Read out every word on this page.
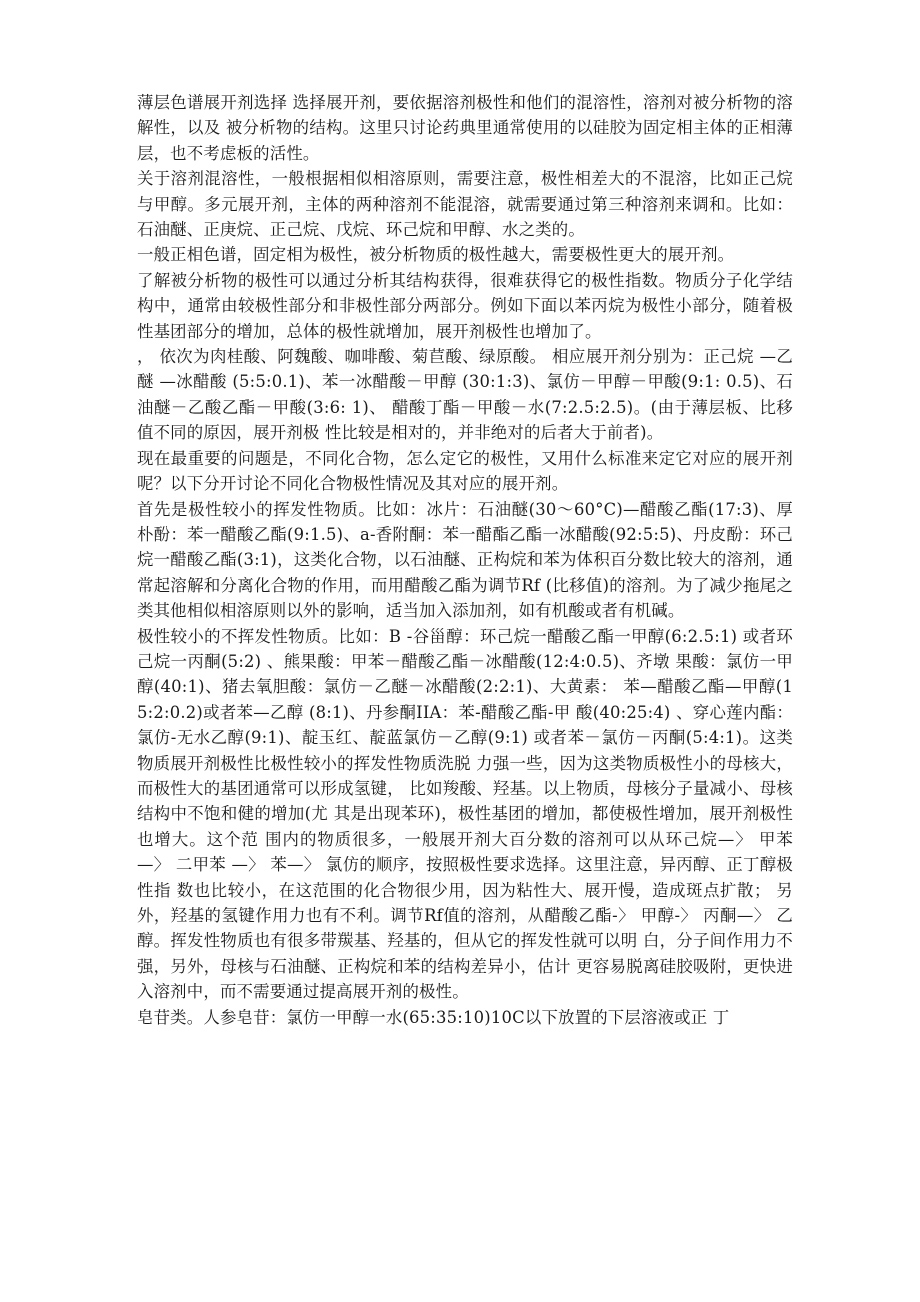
薄层色谱展开剂选择 选择展开剂，要依据溶剂极性和他们的混溶性，溶剂对被分析物的溶解性，以及 被分析物的结构。这里只讨论药典里通常使用的以硅胶为固定相主体的正相薄 层，也不考虑板的活性。

关于溶剂混溶性，一般根据相似相溶原则，需要注意，极性相差大的不混溶，比如正己烷与甲醇。多元展开剂，主体的两种溶剂不能混溶，就需要通过第三种溶剂来调和。比如：石油醚、正庚烷、正己烷、戊烷、环己烷和甲醇、水之类的。

一般正相色谱，固定相为极性，被分析物质的极性越大，需要极性更大的展开剂。

了解被分析物的极性可以通过分析其结构获得，很难获得它的极性指数。物质分子化学结构中，通常由较极性部分和非极性部分两部分。例如下面以苯丙烷为极性小部分，随着极性基团部分的增加，总体的极性就增加，展开剂极性也增加了。

， 依次为肉桂酸、阿魏酸、咖啡酸、菊苣酸、绿原酸。 相应展开剂分别为：正己烷 —乙醚 —冰醋酸 (5:5:0.1)、苯一冰醋酸－甲醇 (30:1:3)、氯仿－甲醇－甲酸(9:1: 0.5)、石油醚－乙酸乙酯－甲酸(3:6: 1)、 醋酸丁酯－甲酸－水(7:2.5:2.5)。(由于薄层板、比移值不同的原因，展开剂极 性比较是相对的，并非绝对的后者大于前者)。

现在最重要的问题是，不同化合物，怎么定它的极性，又用什么标准来定它对应的展开剂呢？以下分开讨论不同化合物极性情况及其对应的展开剂。

首先是极性较小的挥发性物质。比如：冰片：石油醚(30～60°C)—醋酸乙酯(17:3)、厚朴酚：苯一醋酸乙酯(9:1.5)、a-香附酮：苯一醋酯乙酯一冰醋酸(92:5:5)、丹皮酚：环己烷一醋酸乙酯(3:1)，这类化合物，以石油醚、正构烷和苯为体积百分数比较大的溶剂，通常起溶解和分离化合物的作用，而用醋酸乙酯为调节Rf (比移值)的溶剂。为了减少拖尾之类其他相似相溶原则以外的影响，适当加入添加剂，如有机酸或者有机碱。

极性较小的不挥发性物质。比如：B -谷甾醇：环己烷一醋酸乙酯一甲醇(6:2.5:1) 或者环己烷一丙酮(5:2) 、熊果酸：甲苯－醋酸乙酯－冰醋酸(12:4:0.5)、齐墩 果酸：氯仿一甲醇(40:1)、猪去氧胆酸：氯仿－乙醚－冰醋酸(2:2:1)、大黄素： 苯—醋酸乙酯—甲醇(15:2:0.2)或者苯—乙醇 (8:1)、丹参酮IIA：苯-醋酸乙酯-甲 酸(40:25:4) 、穿心莲内酯：氯仿-无水乙醇(9:1)、靛玉红、靛蓝氯仿－乙醇(9:1) 或者苯－氯仿－丙酮(5:4:1)。这类物质展开剂极性比极性较小的挥发性物质洗脱 力强一些，因为这类物质极性小的母核大，而极性大的基团通常可以形成氢键， 比如羧酸、羟基。以上物质，母核分子量减小、母核结构中不饱和健的增加(尤 其是出现苯环)，极性基团的增加，都使极性增加，展开剂极性也增大。这个范 围内的物质很多，一般展开剂大百分数的溶剂可以从环己烷—〉 甲苯—〉 二甲苯 —〉 苯—〉 氯仿的顺序，按照极性要求选择。这里注意，异丙醇、正丁醇极性指 数也比较小，在这范围的化合物很少用，因为粘性大、展开慢，造成斑点扩散； 另外，羟基的氢键作用力也有不利。调节Rf值的溶剂，从醋酸乙酯-〉 甲醇-〉 丙酮—〉 乙醇。挥发性物质也有很多带羰基、羟基的，但从它的挥发性就可以明 白，分子间作用力不强，另外，母核与石油醚、正构烷和苯的结构差异小，估计 更容易脱离硅胶吸附，更快进入溶剂中，而不需要通过提高展开剂的极性。

皂苷类。人参皂苷：氯仿一甲醇一水(65:35:10)10C以下放置的下层溶液或正 丁
